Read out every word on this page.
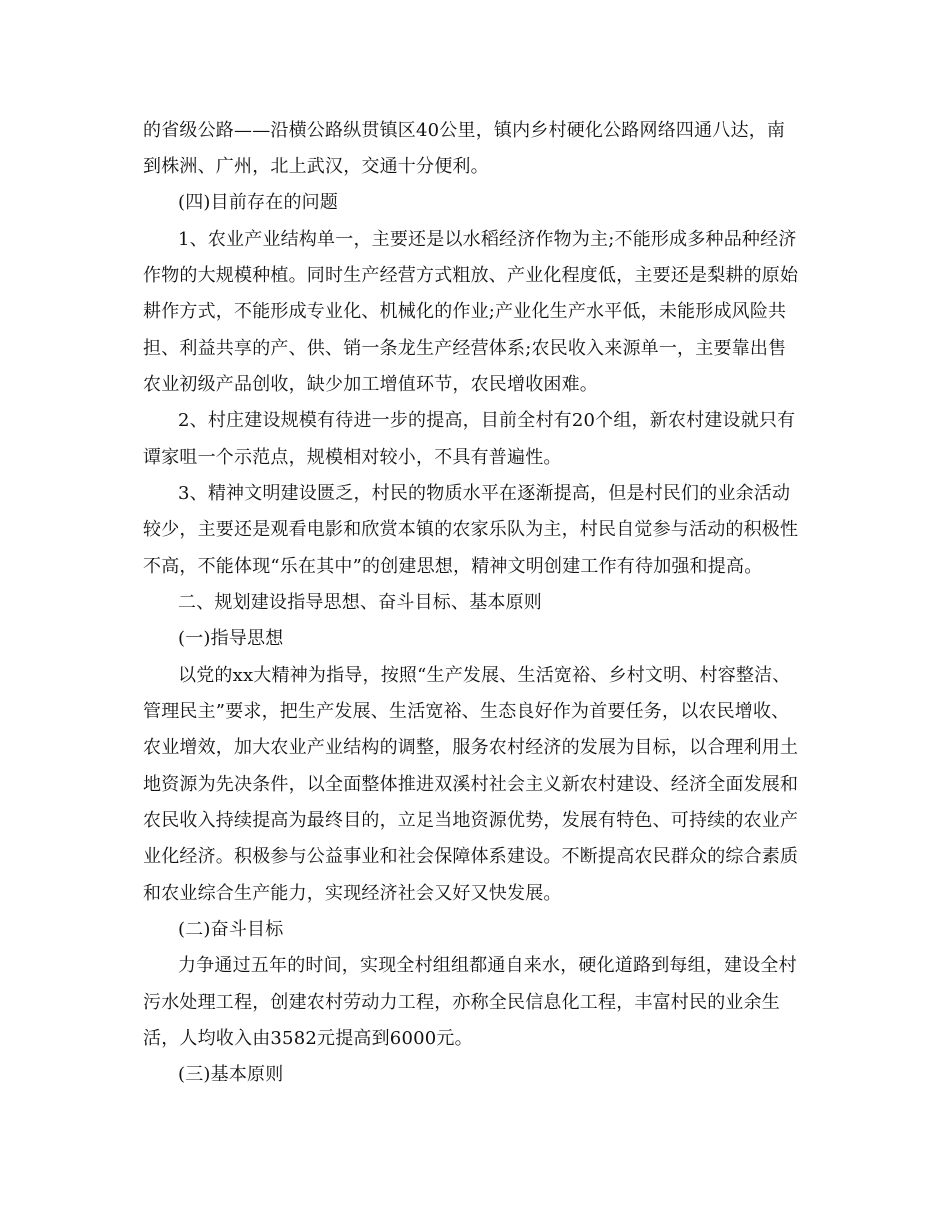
的省级公路——沿横公路纵贯镇区40公里，镇内乡村硬化公路网络四通八达，南

到株洲、广州，北上武汉，交通十分便利。

(四)目前存在的问题

1、农业产业结构单一，主要还是以水稻经济作物为主;不能形成多种品种经济

作物的大规模种植。同时生产经营方式粗放、产业化程度低，主要还是梨耕的原始

耕作方式，不能形成专业化、机械化的作业;产业化生产水平低，未能形成风险共

担、利益共享的产、供、销一条龙生产经营体系;农民收入来源单一，主要靠出售

农业初级产品创收，缺少加工增值环节，农民增收困难。

2、村庄建设规模有待进一步的提高，目前全村有20个组，新农村建设就只有

谭家咀一个示范点，规模相对较小，不具有普遍性。

3、精神文明建设匮乏，村民的物质水平在逐渐提高，但是村民们的业余活动

较少，主要还是观看电影和欣赏本镇的农家乐队为主，村民自觉参与活动的积极性

不高，不能体现“乐在其中”的创建思想，精神文明创建工作有待加强和提高。

二、规划建设指导思想、奋斗目标、基本原则

(一)指导思想

以党的xx大精神为指导，按照“生产发展、生活宽裕、乡村文明、村容整洁、

管理民主”要求，把生产发展、生活宽裕、生态良好作为首要任务，以农民增收、

农业增效，加大农业产业结构的调整，服务农村经济的发展为目标，以合理利用土

地资源为先决条件，以全面整体推进双溪村社会主义新农村建设、经济全面发展和

农民收入持续提高为最终目的，立足当地资源优势，发展有特色、可持续的农业产

业化经济。积极参与公益事业和社会保障体系建设。不断提高农民群众的综合素质

和农业综合生产能力，实现经济社会又好又快发展。

(二)奋斗目标

力争通过五年的时间，实现全村组组都通自来水，硬化道路到每组，建设全村

污水处理工程，创建农村劳动力工程，亦称全民信息化工程，丰富村民的业余生

活，人均收入由3582元提高到6000元。

(三)基本原则
